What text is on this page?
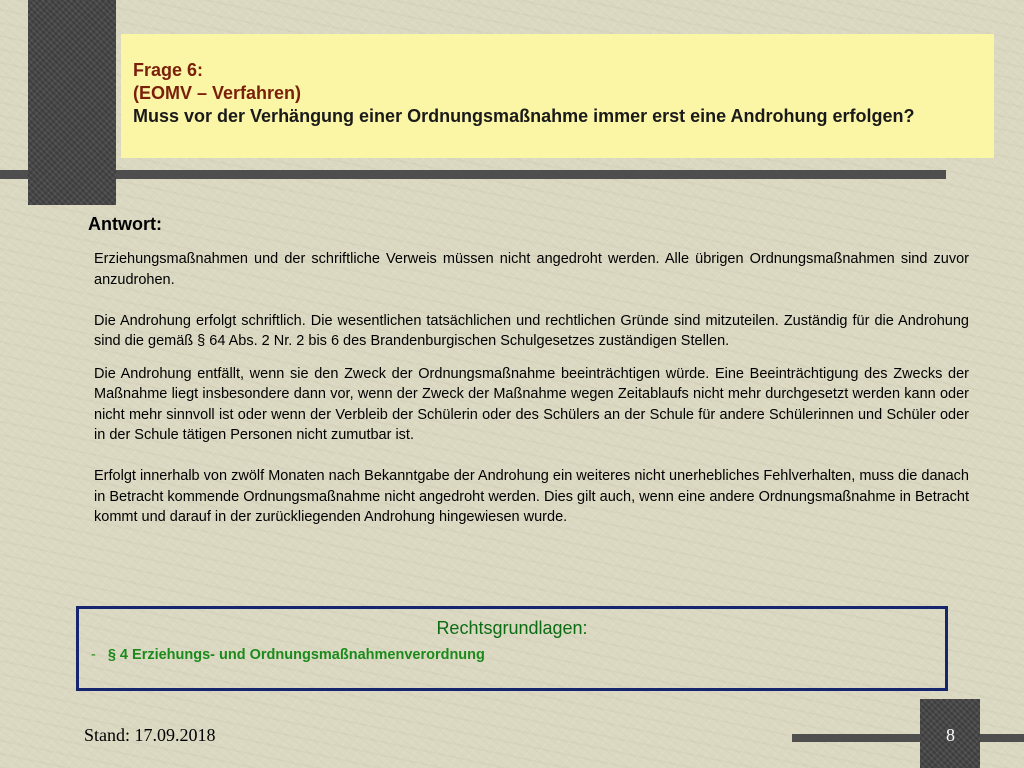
Frage 6:
(EOMV – Verfahren)
Muss vor der Verhängung einer Ordnungsmaßnahme immer erst eine Androhung erfolgen?
Antwort:

Erziehungsmaßnahmen und der schriftliche Verweis müssen nicht angedroht werden. Alle übrigen Ordnungsmaßnahmen sind zuvor anzudrohen.

Die Androhung erfolgt schriftlich. Die wesentlichen tatsächlichen und rechtlichen Gründe sind mitzuteilen. Zuständig für die Androhung sind die gemäß § 64 Abs. 2 Nr. 2 bis 6 des Brandenburgischen Schulgesetzes zuständigen Stellen.

Die Androhung entfällt, wenn sie den Zweck der Ordnungsmaßnahme beeinträchtigen würde. Eine Beeinträchtigung des Zwecks der Maßnahme liegt insbesondere dann vor, wenn der Zweck der Maßnahme wegen Zeitablaufs nicht mehr durchgesetzt werden kann oder nicht mehr sinnvoll ist oder wenn der Verbleib der Schülerin oder des Schülers an der Schule für andere Schülerinnen und Schüler oder in der Schule tätigen Personen nicht zumutbar ist.

Erfolgt innerhalb von zwölf Monaten nach Bekanntgabe der Androhung ein weiteres nicht unerhebliches Fehlverhalten, muss die danach in Betracht kommende Ordnungsmaßnahme nicht angedroht werden. Dies gilt auch, wenn eine andere Ordnungsmaßnahme in Betracht kommt und darauf in der zurückliegenden Androhung hingewiesen wurde.

Rechtsgrundlagen:
- § 4 Erziehungs- und Ordnungsmaßnahmenverordnung
Stand: 17.09.2018	8
